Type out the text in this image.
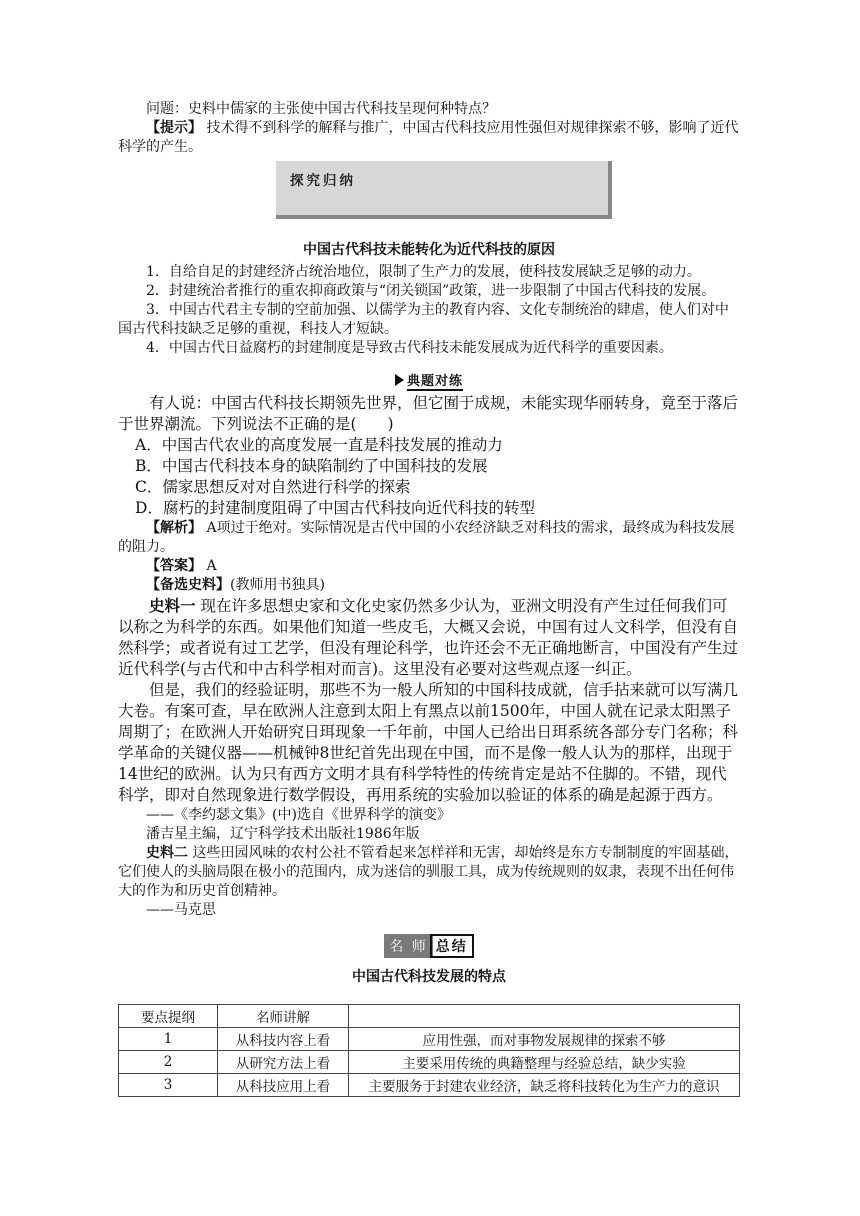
问题：史料中儒家的主张使中国古代科技呈现何种特点？
【提示】 技术得不到科学的解释与推广，中国古代科技应用性强但对规律探索不够，影响了近代科学的产生。
探究归纳
中国古代科技未能转化为近代科技的原因
1．自给自足的封建经济占统治地位，限制了生产力的发展，使科技发展缺乏足够的动力。
2．封建统治者推行的重农抑商政策与“闭关锁国”政策，进一步限制了中国古代科技的发展。
3．中国古代君主专制的空前加强、以儒学为主的教育内容、文化专制统治的肆虐，使人们对中国古代科技缺乏足够的重视，科技人才短缺。
4．中国古代日益腐朽的封建制度是导致古代科技未能发展成为近代科学的重要因素。
典题对练
有人说：中国古代科技长期领先世界，但它囿于成规，未能实现华丽转身，竟至于落后于世界潮流。下列说法不正确的是(　　)
A．中国古代农业的高度发展一直是科技发展的推动力
B．中国古代科技本身的缺陷制约了中国科技的发展
C．儒家思想反对对自然进行科学的探索
D．腐朽的封建制度阻碍了中国古代科技向近代科技的转型
【解析】 A项过于绝对。实际情况是古代中国的小农经济缺乏对科技的需求，最终成为科技发展的阻力。
【答案】 A
【备选史料】(教师用书独具)
史料一 现在许多思想史家和文化史家仍然多少认为，亚洲文明没有产生过任何我们可以称之为科学的东西。如果他们知道一些皮毛，大概又会说，中国有过人文科学，但没有自然科学；或者说有过工艺学，但没有理论科学，也许还会不无正确地断言，中国没有产生过近代科学(与古代和中古科学相对而言)。这里没有必要对这些观点逐一纠正。
但是，我们的经验证明，那些不为一般人所知的中国科技成就，信手拈来就可以写满几大卷。有案可查，早在欧洲人注意到太阳上有黑点以前1500年，中国人就在记录太阳黑子周期了；在欧洲人开始研究日珥现象一千年前，中国人已给出日珥系统各部分专门名称；科学革命的关键仪器——机械钟8世纪首先出现在中国，而不是像一般人认为的那样，出现于14世纪的欧洲。认为只有西方文明才具有科学特性的传统肯定是站不住脚的。不错，现代科学，即对自然现象进行数学假设，再用系统的实验加以验证的体系的确是起源于西方。
——《李约瑟文集》(中)选自《世界科学的演变》
潘吉星主编，辽宁科学技术出版社1986年版
史料二 这些田园风味的农村公社不管看起来怎样祥和无害，却始终是东方专制制度的牢固基础，它们使人的头脑局限在极小的范围内，成为迷信的驯服工具，成为传统规则的奴隶，表现不出任何伟大的作为和历史首创精神。
——马克思
名 师 总结
中国古代科技发展的特点
要点提纲	名师讲解	
1	从科技内容上看	应用性强，而对事物发展规律的探索不够
2	从研究方法上看	主要采用传统的典籍整理与经验总结，缺少实验
3	从科技应用上看	主要服务于封建农业经济，缺乏将科技转化为生产力的意识
